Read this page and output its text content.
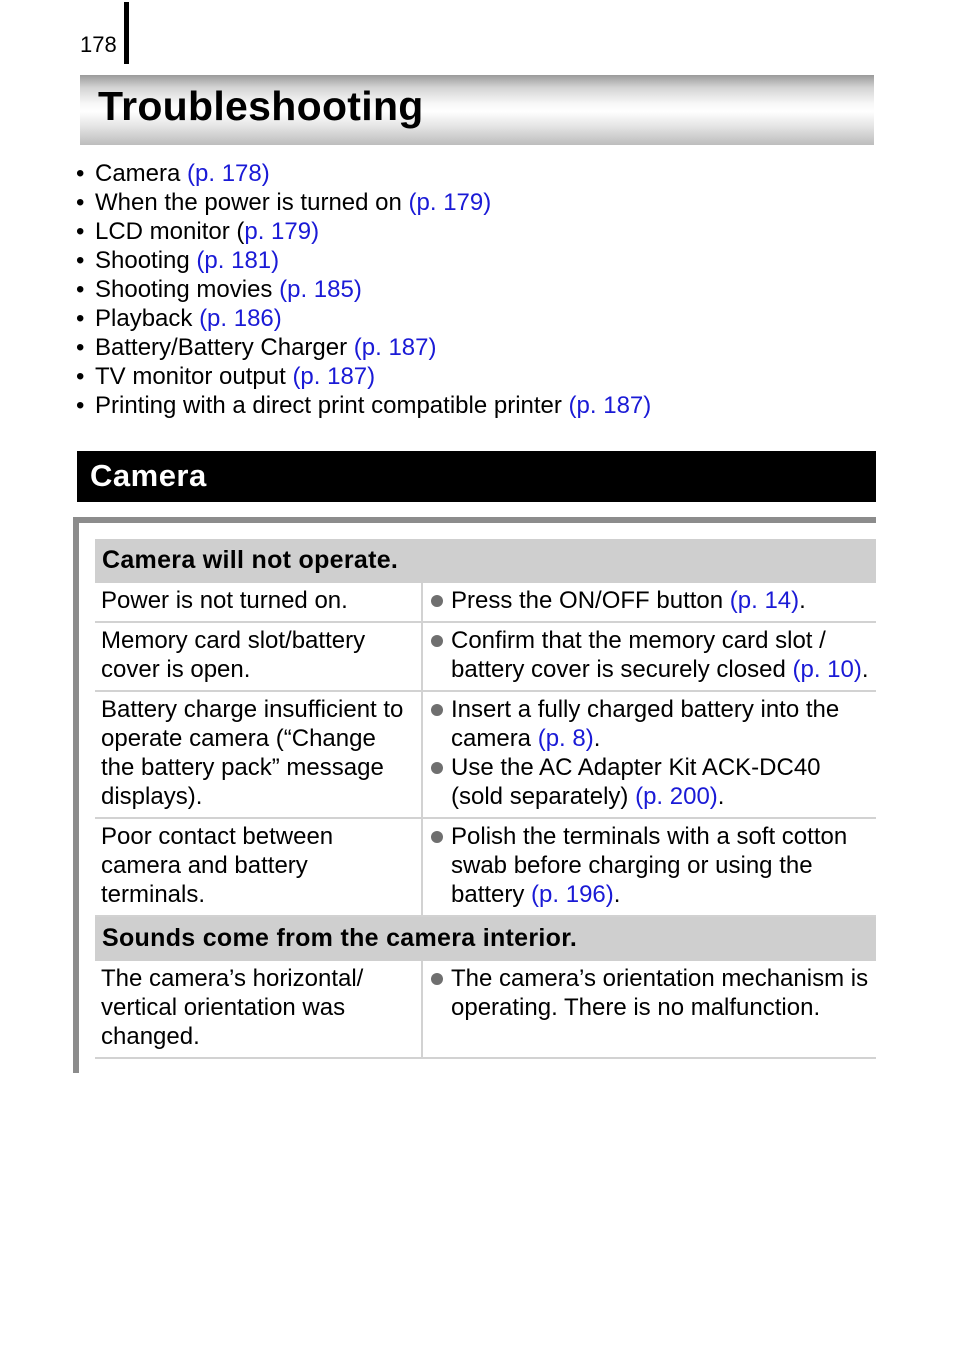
178
Troubleshooting
• Camera (p. 178)
• When the power is turned on (p. 179)
• LCD monitor (p. 179)
• Shooting (p. 181)
• Shooting movies (p. 185)
• Playback (p. 186)
• Battery/Battery Charger (p. 187)
• TV monitor output (p. 187)
• Printing with a direct print compatible printer (p. 187)
Camera
Camera will not operate.	
Power is not turned on.	Press the ON/OFF button (p. 14).

Memory card slot/battery cover is open.	Confirm that the memory card slot / battery cover is securely closed (p. 10).

Battery charge insufficient to operate camera (“Change the battery pack” message displays).	Insert a fully charged battery into the camera (p. 8).
Use the AC Adapter Kit ACK-DC40 (sold separately) (p. 200).

Poor contact between camera and battery terminals.	Polish the terminals with a soft cotton swab before charging or using the battery (p. 196).

Sounds come from the camera interior.	
The camera’s horizontal/ vertical orientation was changed.	The camera’s orientation mechanism is operating. There is no malfunction.
